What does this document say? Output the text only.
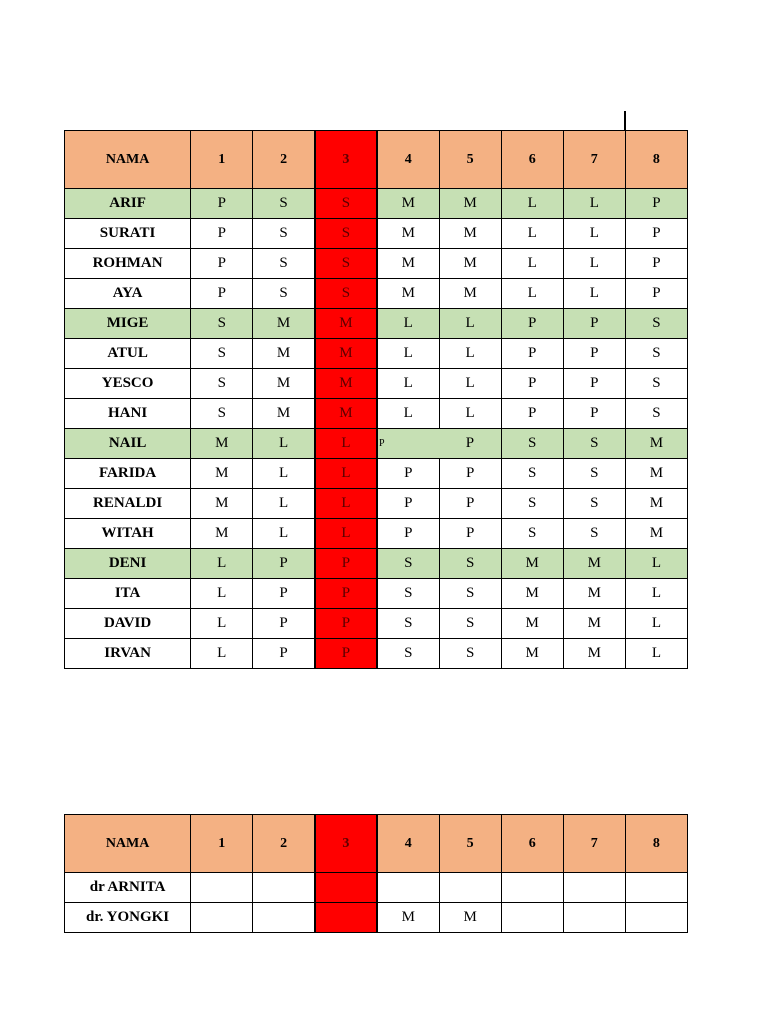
NAMA	1	2	3	4	5	6	7	8
ARIF	P	S	S	M	M	L	L	P
SURATI	P	S	S	M	M	L	L	P
ROHMAN	P	S	S	M	M	L	L	P
AYA	P	S	S	M	M	L	L	P
MIGE	S	M	M	L	L	P	P	S
ATUL	S	M	M	L	L	P	P	S
YESCO	S	M	M	L	L	P	P	S
HANI	S	M	M	L	L	P	P	S
NAIL	M	L	L	P	P	S	S	M
FARIDA	M	L	L	P	P	S	S	M
RENALDI	M	L	L	P	P	S	S	M
WITAH	M	L	L	P	P	S	S	M
DENI	L	P	P	S	S	M	M	L
ITA	L	P	P	S	S	M	M	L
DAVID	L	P	P	S	S	M	M	L
IRVAN	L	P	P	S	S	M	M	L
NAMA	1	2	3	4	5	6	7	8
dr ARNITA								
dr. YONGKI				M	M			
